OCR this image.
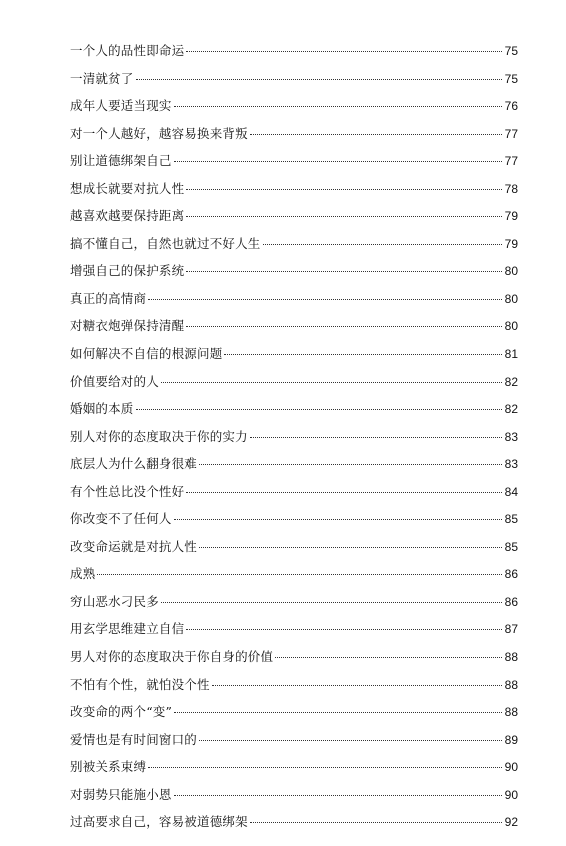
一个人的品性即命运	75
一清就贫了	75
成年人要适当现实	76
对一个人越好，越容易换来背叛	77
别让道德绑架自己	77
想成长就要对抗人性	78
越喜欢越要保持距离	79
搞不懂自己，自然也就过不好人生	79
增强自己的保护系统	80
真正的高情商	80
对糖衣炮弹保持清醒	80
如何解决不自信的根源问题	81
价值要给对的人	82
婚姻的本质	82
别人对你的态度取决于你的实力	83
底层人为什么翻身很难	83
有个性总比没个性好	84
你改变不了任何人	85
改变命运就是对抗人性	85
成熟	86
穷山恶水刁民多	86
用玄学思维建立自信	87
男人对你的态度取决于你自身的价值	88
不怕有个性，就怕没个性	88
改变命的两个“变”	88
爱情也是有时间窗口的	89
别被关系束缚	90
对弱势只能施小恩	90
过高要求自己，容易被道德绑架	92
